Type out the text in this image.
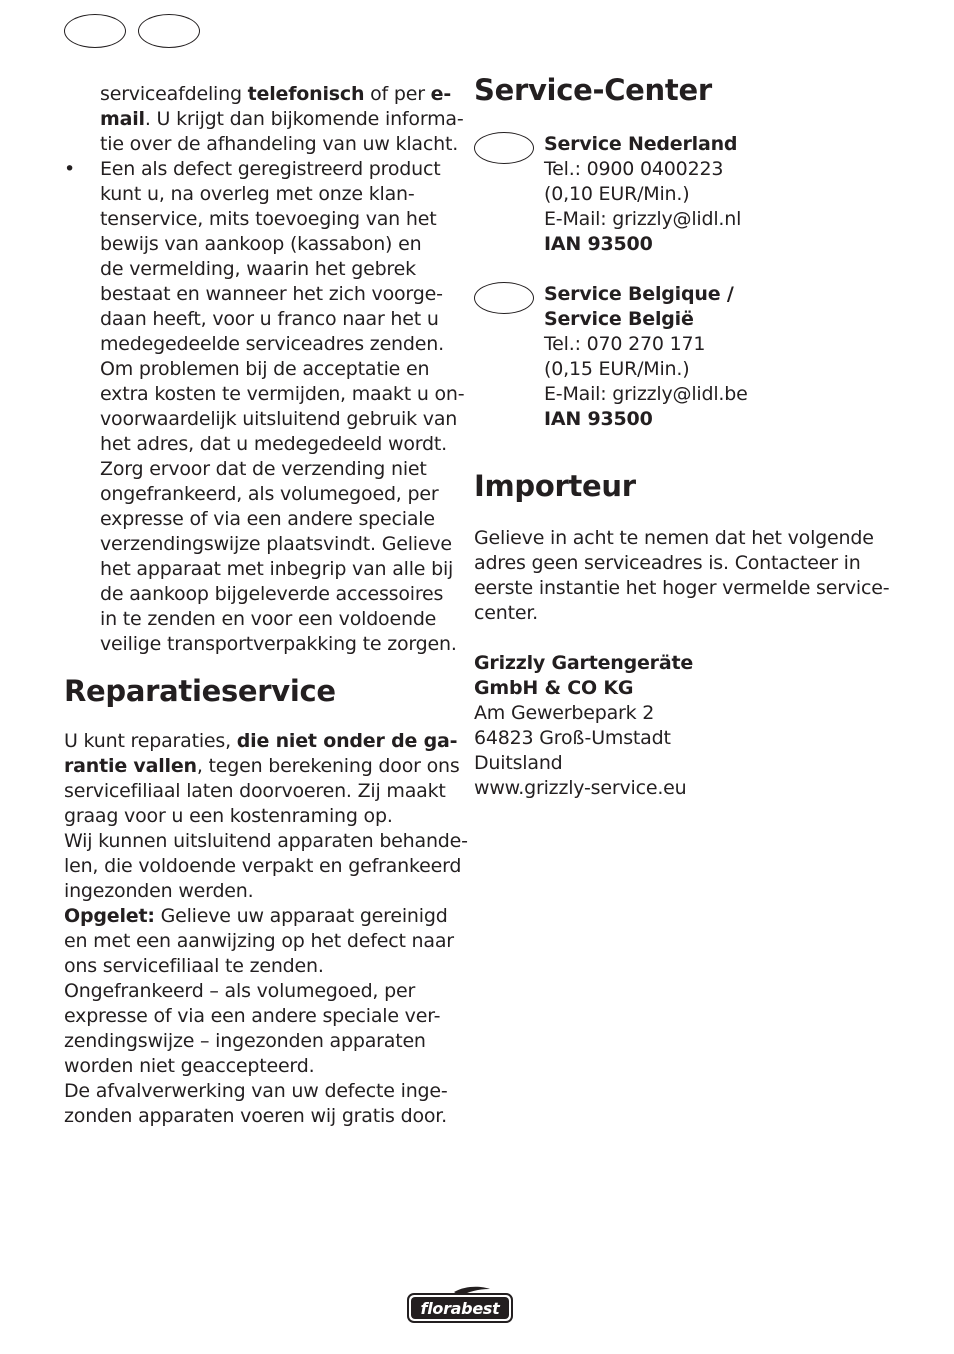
serviceafdeling telefonisch of per e-
mail. U krijgt dan bijkomende informa-
tie over de afhandeling van uw klacht.
• Een als defect geregistreerd product
kunt u, na overleg met onze klan-
tenservice, mits toevoeging van het
bewijs van aankoop (kassabon) en
de vermelding, waarin het gebrek
bestaat en wanneer het zich voorge-
daan heeft, voor u franco naar het u
medegedeelde serviceadres zenden.
Om problemen bij de acceptatie en
extra kosten te vermijden, maakt u on-
voorwaardelijk uitsluitend gebruik van
het adres, dat u medegedeeld wordt.
Zorg ervoor dat de verzending niet
ongefrankeerd, als volumegoed, per
expresse of via een andere speciale
verzendingswijze plaatsvindt. Gelieve
het apparaat met inbegrip van alle bij
de aankoop bijgeleverde accessoires
in te zenden en voor een voldoende
veilige transportverpakking te zorgen.
Reparatieservice
U kunt reparaties, die niet onder de ga-
rantie vallen, tegen berekening door ons
servicefiliaal laten doorvoeren. Zij maakt
graag voor u een kostenraming op.
Wij kunnen uitsluitend apparaten behande-
len, die voldoende verpakt en gefrankeerd
ingezonden werden.
Opgelet: Gelieve uw apparaat gereinigd
en met een aanwijzing op het defect naar
ons servicefiliaal te zenden.
Ongefrankeerd – als volumegoed, per
expresse of via een andere speciale ver-
zendingswijze – ingezonden apparaten
worden niet geaccepteerd.
De afvalverwerking van uw defecte inge-
zonden apparaten voeren wij gratis door.
Service-Center
Service Nederland
Tel.: 0900 0400223
(0,10 EUR/Min.)
E-Mail: grizzly@lidl.nl
IAN 93500
Service Belgique /
Service België
Tel.: 070 270 171
(0,15 EUR/Min.)
E-Mail: grizzly@lidl.be
IAN 93500
Importeur
Gelieve in acht te nemen dat het volgende
adres geen serviceadres is. Contacteer in
eerste instantie het hoger vermelde service-
center.
Grizzly Gartengeräte
GmbH & CO KG
Am Gewerbepark 2
64823 Groß-Umstadt
Duitsland
www.grizzly-service.eu
florabest
